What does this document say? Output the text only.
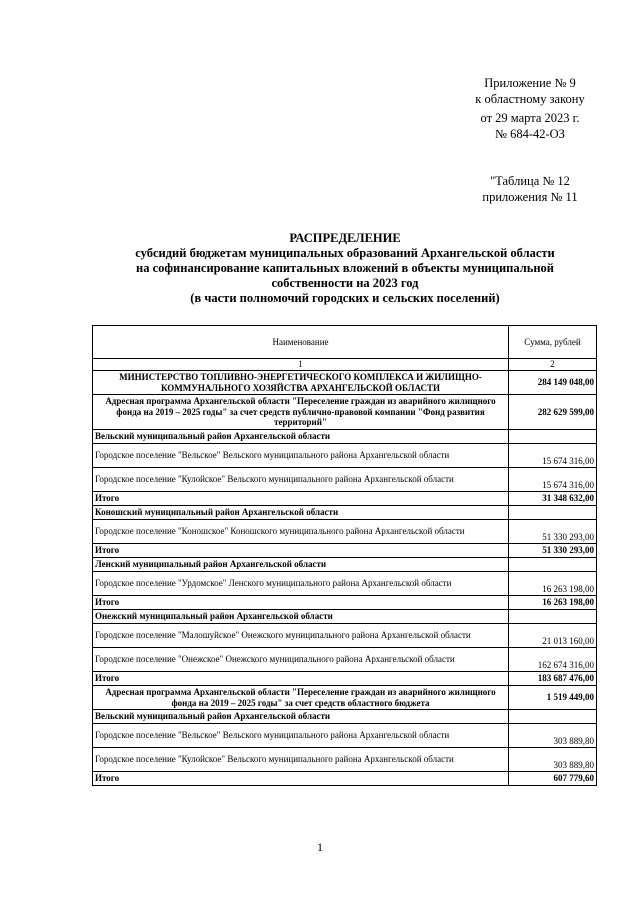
Приложение № 9
к областному закону
от 29 марта 2023 г.
№ 684-42-ОЗ
"Таблица № 12
приложения № 11
РАСПРЕДЕЛЕНИЕ
субсидий бюджетам муниципальных образований Архангельской области
на софинансирование капитальных вложений в объекты муниципальной
собственности на 2023 год
(в части полномочий городских и сельских поселений)
Наименование	Сумма, рублей
1	2
МИНИСТЕРСТВО ТОПЛИВНО-ЭНЕРГЕТИЧЕСКОГО КОМПЛЕКСА И ЖИЛИЩНО-КОММУНАЛЬНОГО ХОЗЯЙСТВА АРХАНГЕЛЬСКОЙ ОБЛАСТИ	284 149 048,00
Адресная программа Архангельской области "Переселение граждан из аварийного жилищного фонда на 2019 – 2025 годы" за счет средств публично-правовой компании "Фонд развития территорий"	282 629 599,00
Вельский муниципальный район Архангельской области	
Городское поселение "Вельское" Вельского муниципального района Архангельской области	15 674 316,00
Городское поселение "Кулойское" Вельского муниципального района Архангельской области	15 674 316,00
Итого	31 348 632,00
Коношский муниципальный район Архангельской области	
Городское поселение "Коношское" Коношского муниципального района Архангельской области	51 330 293,00
Итого	51 330 293,00
Ленский муниципальный район Архангельской области	
Городское поселение "Урдомское" Ленского муниципального района Архангельской области	16 263 198,00
Итого	16 263 198,00
Онежский муниципальный район Архангельской области	
Городское поселение "Малошуйское" Онежского муниципального района Архангельской области	21 013 160,00
Городское поселение "Онежское" Онежского муниципального района Архангельской области	162 674 316,00
Итого	183 687 476,00
Адресная программа Архангельской области "Переселение граждан из аварийного жилищного фонда на 2019 – 2025 годы" за счет средств областного бюджета	1 519 449,00
Вельский муниципальный район Архангельской области	
Городское поселение "Вельское" Вельского муниципального района Архангельской области	303 889,80
Городское поселение "Кулойское" Вельского муниципального района Архангельской области	303 889,80
Итого	607 779,60
1
